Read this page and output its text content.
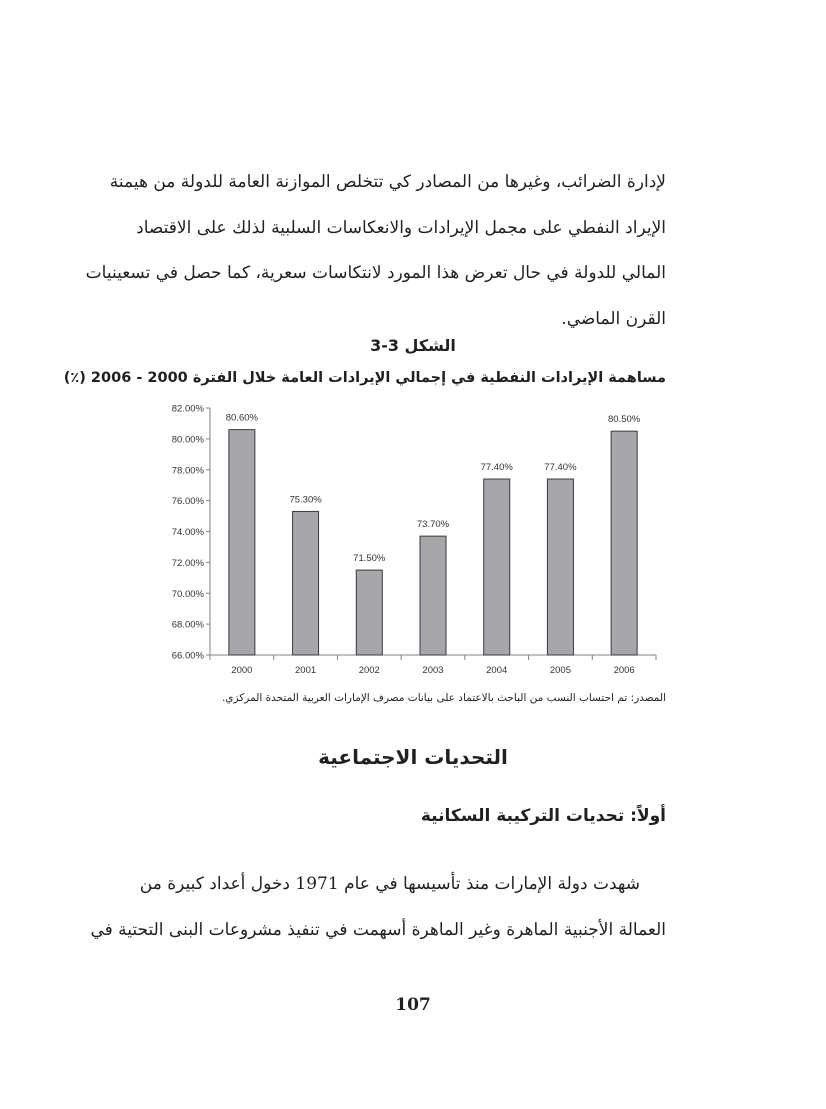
لإدارة الضرائب، وغيرها من المصادر كي تتخلص الموازنة العامة للدولة من هيمنة
الإيراد النفطي على مجمل الإيرادات والانعكاسات السلبية لذلك على الاقتصاد
المالي للدولة في حال تعرض هذا المورد لانتكاسات سعرية، كما حصل في تسعينيات
القرن الماضي.

الشكل 3-3

مساهمة الإيرادات النفطية في إجمالي الإيرادات العامة خلال الفترة 2000 - 2006 (٪)

66.00%
68.00%
70.00%
72.00%
74.00%
76.00%
78.00%
80.00%
82.00%
80.60%
2000
75.30%
2001
71.50%
2002
73.70%
2003
77.40%
2004
77.40%
2005
80.50%
2006

المصدر: تم احتساب النسب من الباحث بالاعتماد على بيانات مصرف الإمارات العربية المتحدة المركزي.

التحديات الاجتماعية

أولاً: تحديات التركيبة السكانية

شهدت دولة الإمارات منذ تأسيسها في عام 1971 دخول أعداد كبيرة من
العمالة الأجنبية الماهرة وغير الماهرة أسهمت في تنفيذ مشروعات البنى التحتية في

107
